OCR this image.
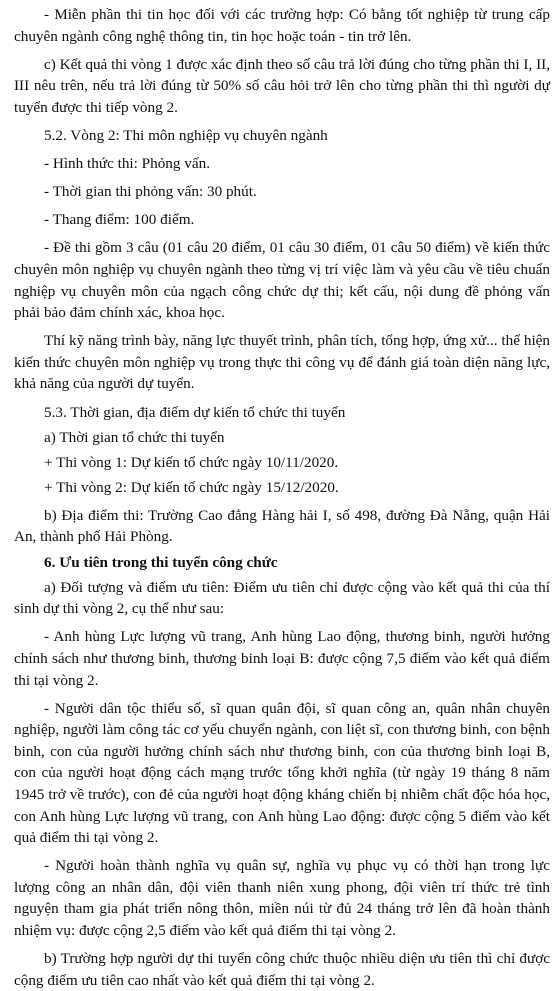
- Miễn phần thi tin học đối với các trường hợp: Có bằng tốt nghiệp từ trung cấp chuyên ngành công nghệ thông tin, tin học hoặc toán - tin trở lên.

c) Kết quả thi vòng 1 được xác định theo số câu trả lời đúng cho từng phần thi I, II, III nêu trên, nếu trả lời đúng từ 50% số câu hỏi trở lên cho từng phần thi thì người dự tuyển được thi tiếp vòng 2.

5.2. Vòng 2: Thi môn nghiệp vụ chuyên ngành

- Hình thức thi: Phỏng vấn.

- Thời gian thi phỏng vấn: 30 phút.

- Thang điểm: 100 điểm.

- Đề thi gồm 3 câu (01 câu 20 điểm, 01 câu 30 điểm, 01 câu 50 điểm) về kiến thức chuyên môn nghiệp vụ chuyên ngành theo từng vị trí việc làm và yêu cầu về tiêu chuẩn nghiệp vụ chuyên môn của ngạch công chức dự thi; kết cấu, nội dung đề phỏng vấn phải bảo đảm chính xác, khoa học.

Thí kỹ năng trình bày, năng lực thuyết trình, phân tích, tổng hợp, ứng xử... thể hiện kiến thức chuyên môn nghiệp vụ trong thực thi công vụ để đánh giá toàn diện năng lực, khả năng của người dự tuyển.

5.3. Thời gian, địa điểm dự kiến tổ chức thi tuyển

a) Thời gian tổ chức thi tuyển

+ Thi vòng 1: Dự kiến tổ chức ngày 10/11/2020.

+ Thi vòng 2: Dự kiến tổ chức ngày 15/12/2020.

b) Địa điểm thi: Trường Cao đẳng Hàng hải I, số 498, đường Đà Nẵng, quận Hải An, thành phố Hải Phòng.

6. Ưu tiên trong thi tuyển công chức

a) Đối tượng và điểm ưu tiên: Điểm ưu tiên chỉ được cộng vào kết quả thi của thí sinh dự thi vòng 2, cụ thể như sau:

- Anh hùng Lực lượng vũ trang, Anh hùng Lao động, thương binh, người hưởng chính sách như thương binh, thương binh loại B: được cộng 7,5 điểm vào kết quả điểm thi tại vòng 2.

- Người dân tộc thiểu số, sĩ quan quân đội, sĩ quan công an, quân nhân chuyên nghiệp, người làm công tác cơ yếu chuyển ngành, con liệt sĩ, con thương binh, con bệnh binh, con của người hưởng chính sách như thương binh, con của thương binh loại B, con của người hoạt động cách mạng trước tổng khởi nghĩa (từ ngày 19 tháng 8 năm 1945 trở về trước), con đẻ của người hoạt động kháng chiến bị nhiễm chất độc hóa học, con Anh hùng Lực lượng vũ trang, con Anh hùng Lao động: được cộng 5 điểm vào kết quả điểm thi tại vòng 2.

- Người hoàn thành nghĩa vụ quân sự, nghĩa vụ phục vụ có thời hạn trong lực lượng công an nhân dân, đội viên thanh niên xung phong, đội viên trí thức trẻ tình nguyện tham gia phát triển nông thôn, miền núi từ đủ 24 tháng trở lên đã hoàn thành nhiệm vụ: được cộng 2,5 điểm vào kết quả điểm thi tại vòng 2.

b) Trường hợp người dự thi tuyển công chức thuộc nhiều diện ưu tiên thì chỉ được cộng điểm ưu tiên cao nhất vào kết quả điểm thi tại vòng 2.
